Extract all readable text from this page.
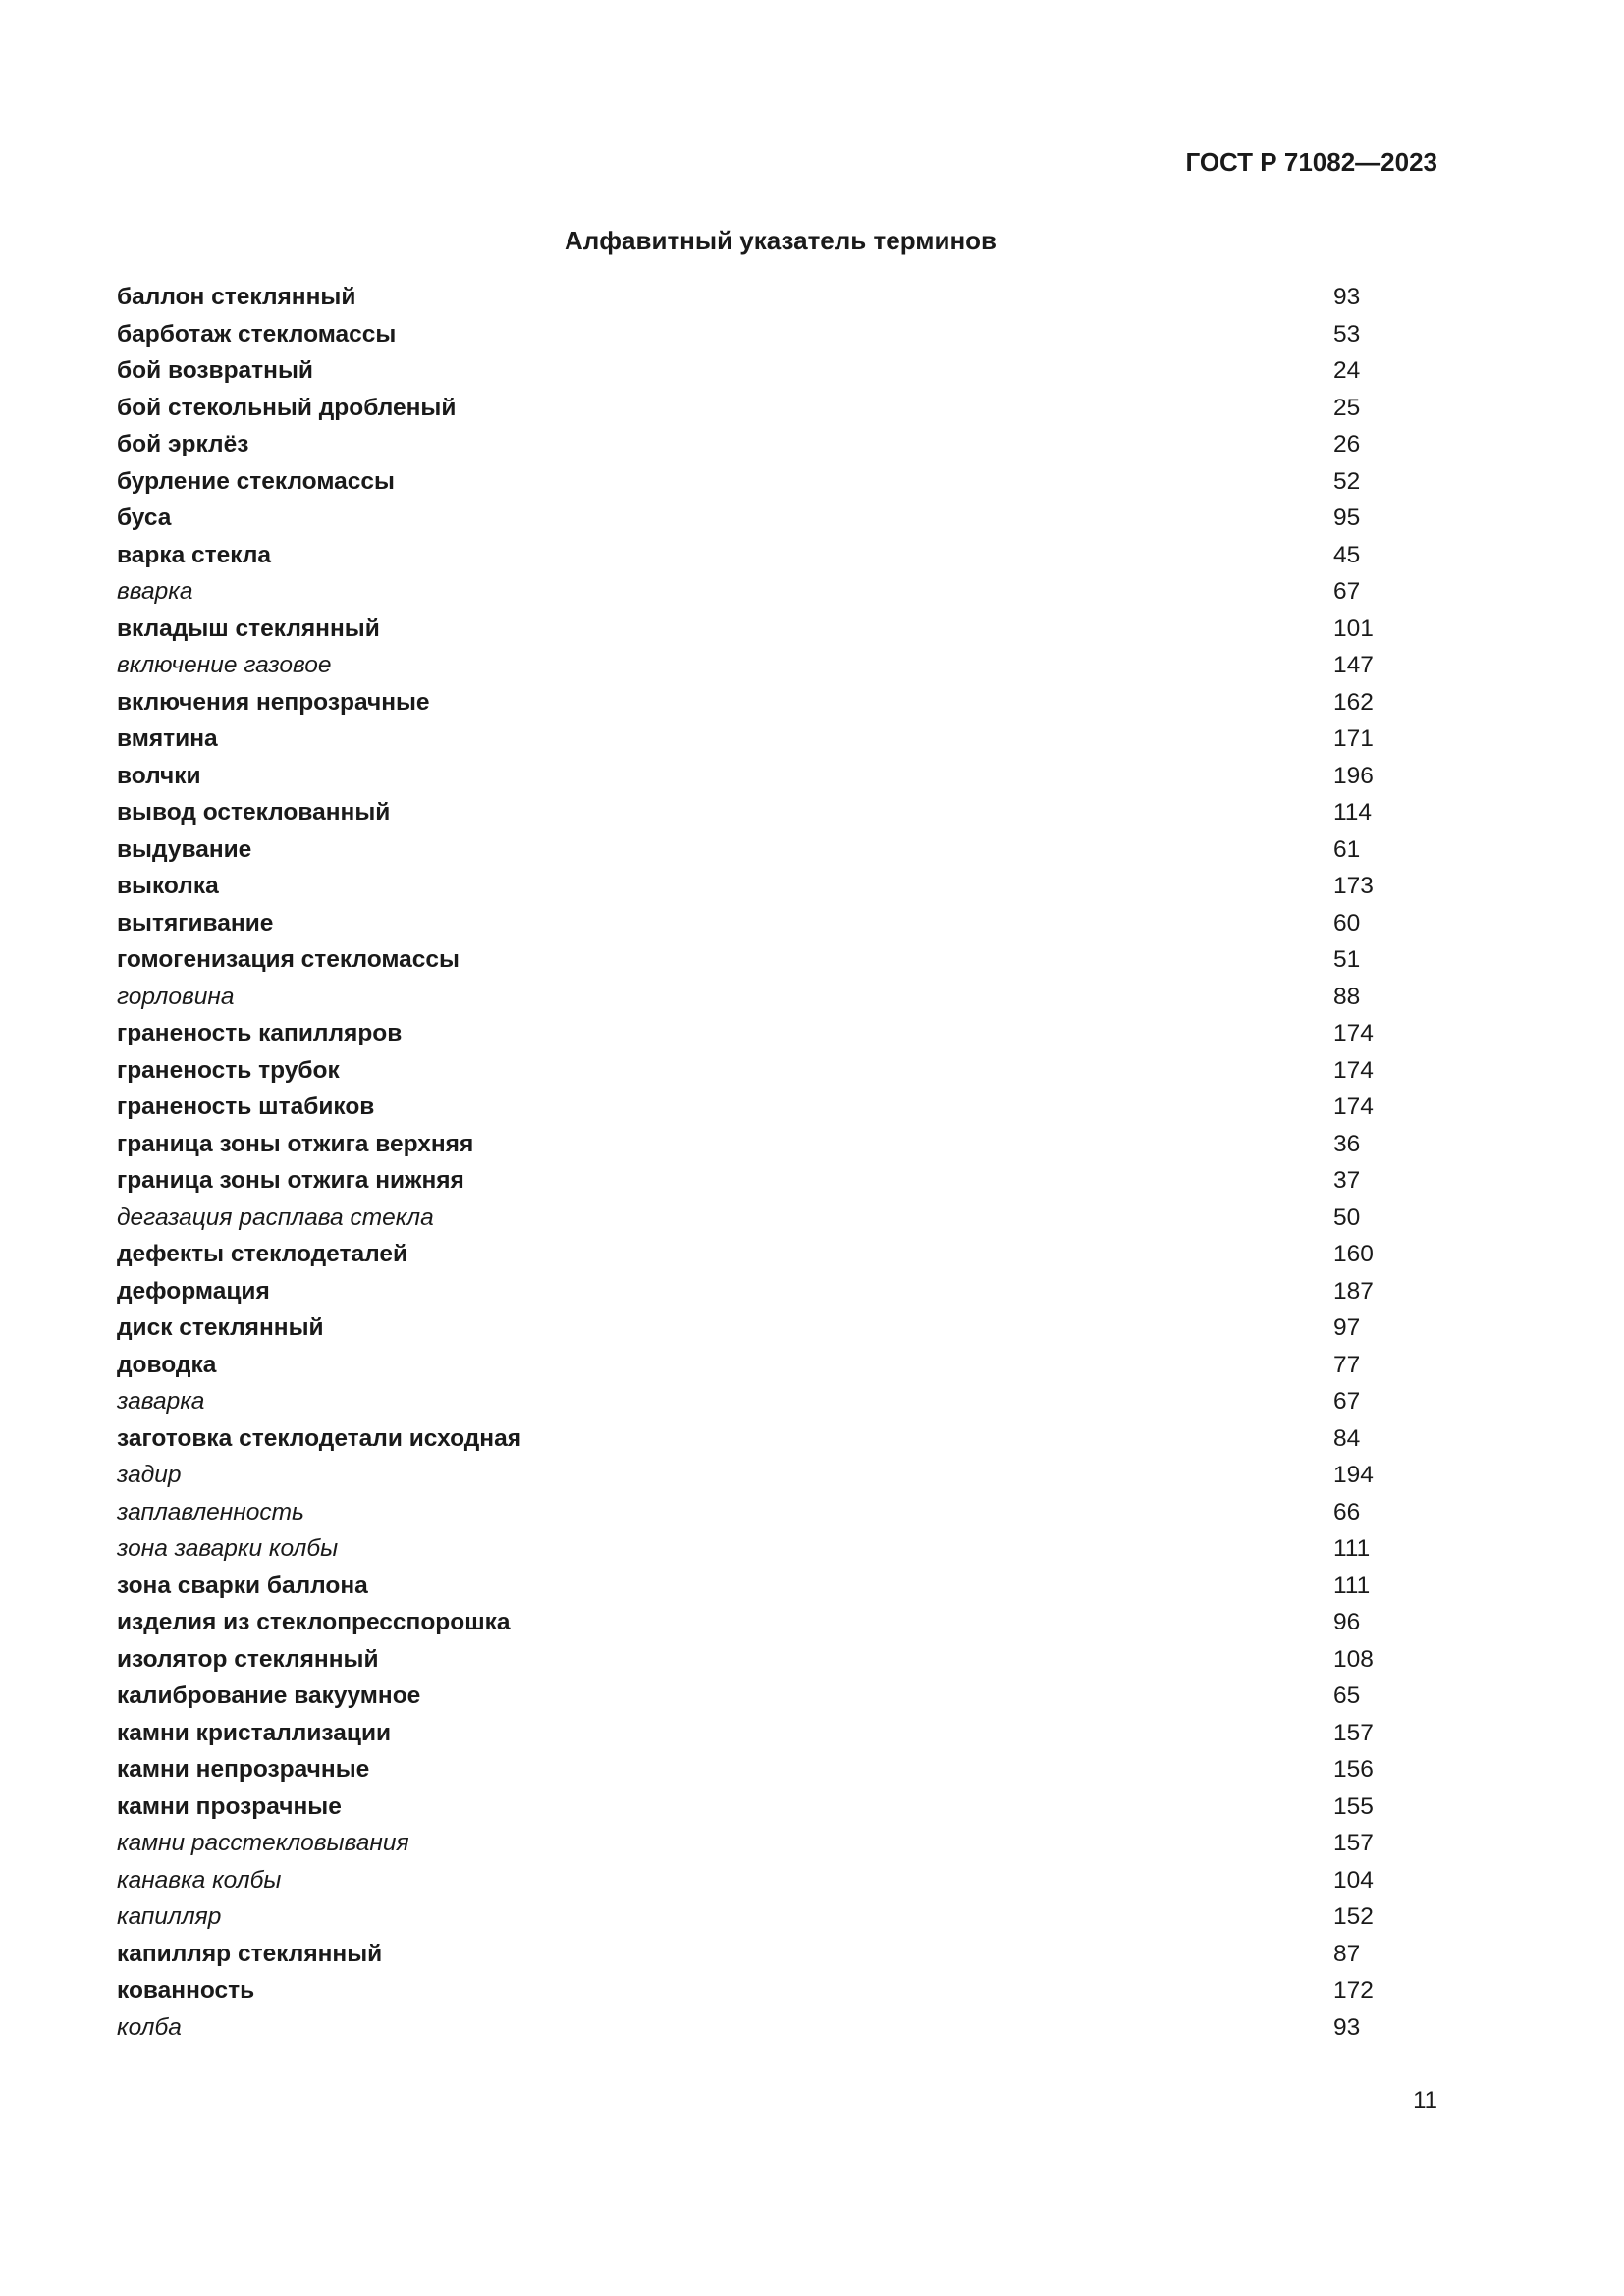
ГОСТ Р 71082—2023
Алфавитный указатель терминов
баллон стеклянный	93
барботаж стекломассы	53
бой возвратный	24
бой стекольный дробленый	25
бой эрклёз	26
бурление стекломассы	52
буса	95
варка стекла	45
вварка	67
вкладыш стеклянный	101
включение газовое	147
включения непрозрачные	162
вмятина	171
волчки	196
вывод остеклованный	114
выдувание	61
выколка	173
вытягивание	60
гомогенизация стекломассы	51
горловина	88
граненость капилляров	174
граненость трубок	174
граненость штабиков	174
граница зоны отжига верхняя	36
граница зоны отжига нижняя	37
дегазация расплава стекла	50
дефекты стеклодеталей	160
деформация	187
диск стеклянный	97
доводка	77
заварка	67
заготовка стеклодетали исходная	84
задир	194
заплавленность	66
зона заварки колбы	111
зона сварки баллона	111
изделия из стеклопресспорошка	96
изолятор стеклянный	108
калибрование вакуумное	65
камни кристаллизации	157
камни непрозрачные	156
камни прозрачные	155
камни расстекловывания	157
канавка колбы	104
капилляр	152
капилляр стеклянный	87
кованность	172
колба	93
11
